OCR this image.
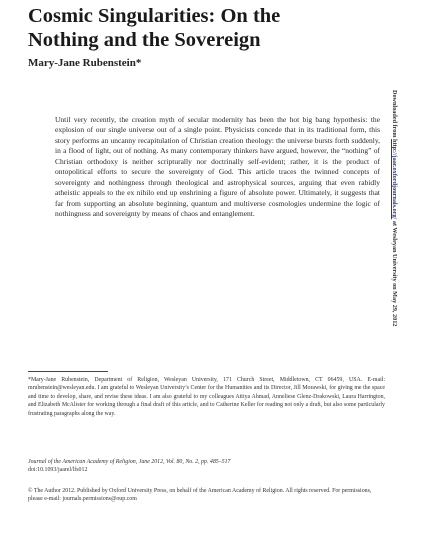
Cosmic Singularities: On the
Nothing and the Sovereign
Mary-Jane Rubenstein*

Until very recently, the creation myth of secular modernity has been the hot big bang hypothesis: the explosion of our single universe out of a single point. Physicists concede that in its traditional form, this story performs an uncanny recapitulation of Christian creation theology: the universe bursts forth suddenly, in a flood of light, out of nothing. As many contemporary thinkers have argued, however, the “nothing” of Christian orthodoxy is neither scripturally nor doctrinally self-evident; rather, it is the product of ontopolitical efforts to secure the sovereignty of God. This article traces the twinned concepts of sovereignty and nothingness through theological and astrophysical sources, arguing that even rabidly atheistic appeals to the ex nihilo end up enshrining a figure of absolute power. Ultimately, it suggests that far from supporting an absolute beginning, quantum and multiverse cosmologies undermine the logic of nothingness and sovereignty by means of chaos and entanglement.

*Mary-Jane Rubenstein, Department of Religion, Wesleyan University, 171 Church Street, Middletown, CT 06459, USA. E-mail: mrubenstein@wesleyan.edu. I am grateful to Wesleyan University’s Center for the Humanities and its Director, Jill Morawski, for giving me the space and time to develop, share, and revise these ideas. I am also grateful to my colleagues Attiya Ahmad, Anneliese Glenz-Drakowski, Laura Harrington, and Elizabeth McAlister for working through a final draft of this article, and to Catherine Keller for reading not only a draft, but also some particularly frustrating paragraphs along the way.

Journal of the American Academy of Religion, June 2012, Vol. 80, No. 2, pp. 485–517

doi:10.1093/jaarel/lfs012

© The Author 2012. Published by Oxford University Press, on behalf of the American Academy of Religion. All rights reserved. For permissions, please e-mail: journals.permissions@oup.com

Downloaded from http://jaar.oxfordjournals.org/ at Wesleyan University on May 29, 2012
